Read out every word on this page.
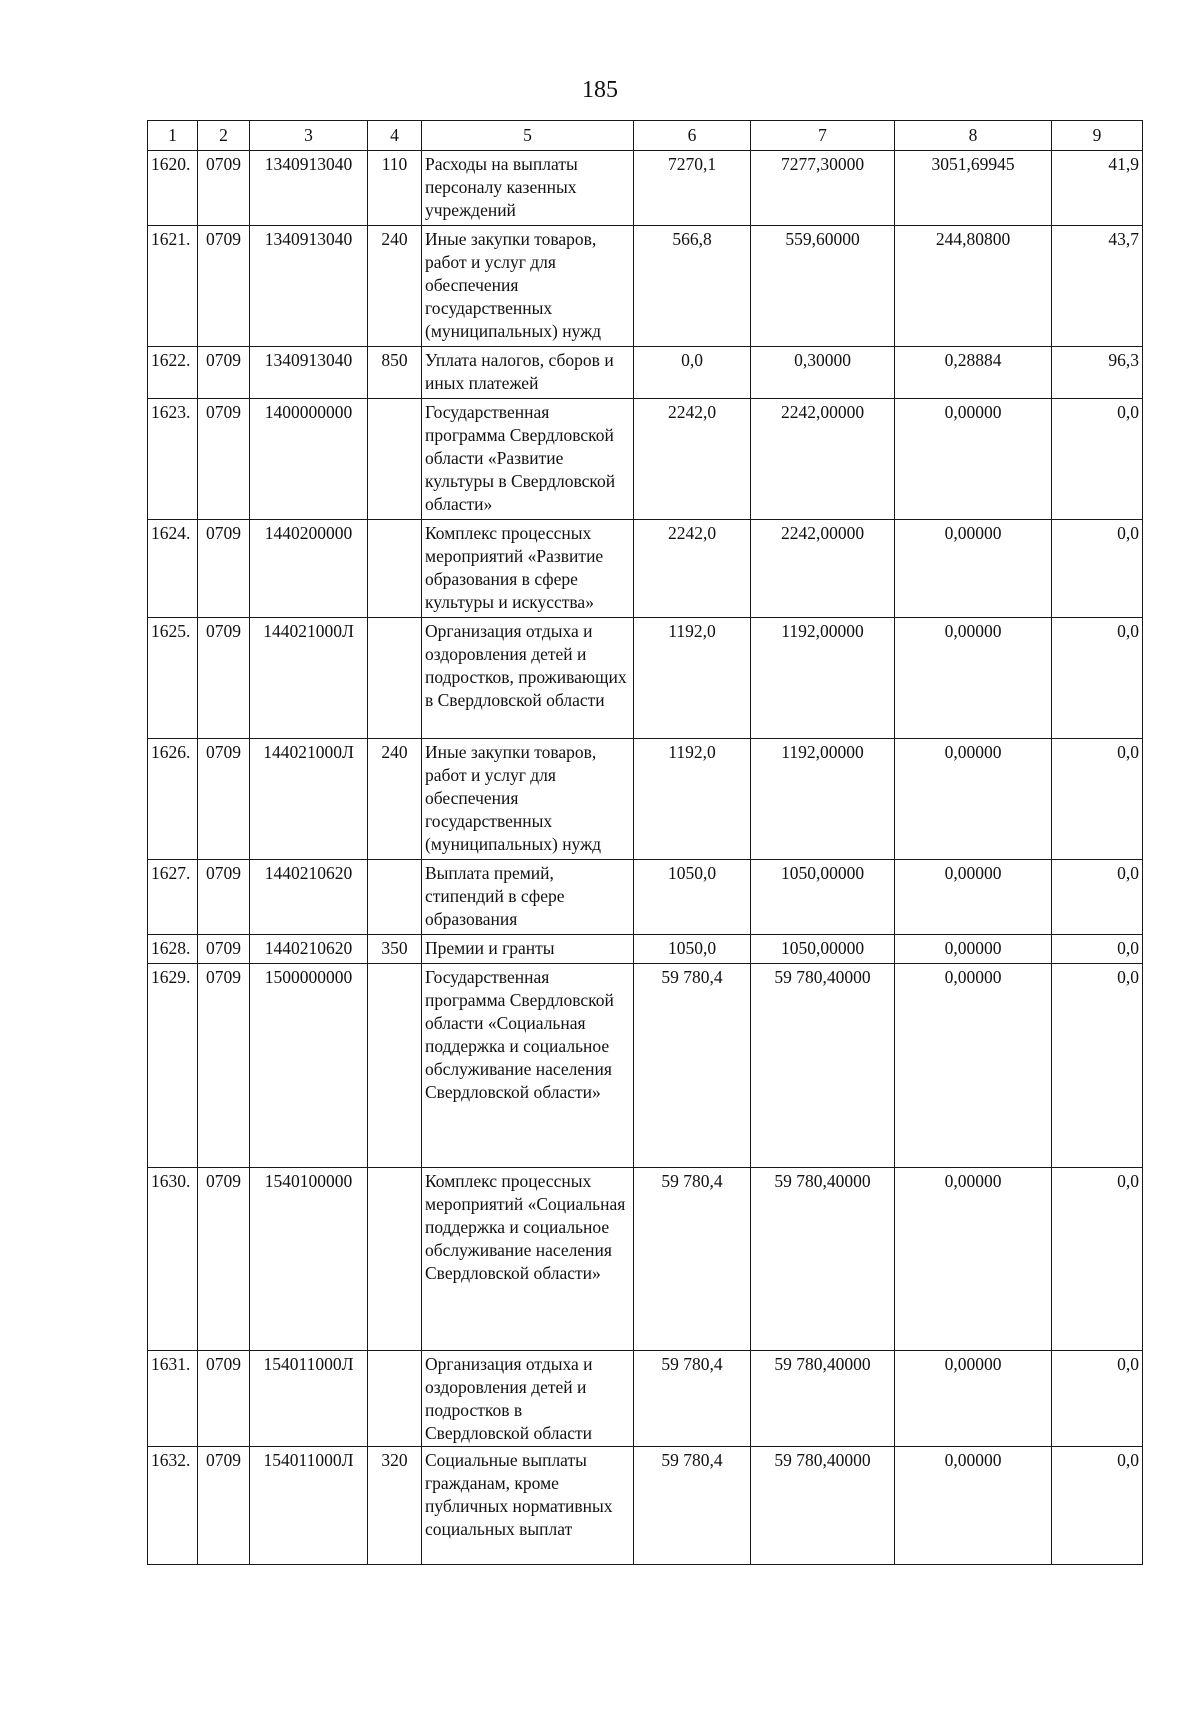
185
1	2	3	4	5	6	7	8	9
1620.	0709	1340913040	110	Расходы на выплаты персоналу казенных учреждений	7270,1	7277,30000	3051,69945	41,9
1621.	0709	1340913040	240	Иные закупки товаров, работ и услуг для обеспечения государственных (муниципальных) нужд	566,8	559,60000	244,80800	43,7
1622.	0709	1340913040	850	Уплата налогов, сборов и иных платежей	0,0	0,30000	0,28884	96,3
1623.	0709	1400000000		Государственная программа Свердловской области «Развитие культуры в Свердловской области»	2242,0	2242,00000	0,00000	0,0
1624.	0709	1440200000		Комплекс процессных мероприятий «Развитие образования в сфере культуры и искусства»	2242,0	2242,00000	0,00000	0,0
1625.	0709	144021000Л		Организация отдыха и оздоровления детей и подростков, проживающих в Свердловской области	1192,0	1192,00000	0,00000	0,0
1626.	0709	144021000Л	240	Иные закупки товаров, работ и услуг для обеспечения государственных (муниципальных) нужд	1192,0	1192,00000	0,00000	0,0
1627.	0709	1440210620		Выплата премий, стипендий в сфере образования	1050,0	1050,00000	0,00000	0,0
1628.	0709	1440210620	350	Премии и гранты	1050,0	1050,00000	0,00000	0,0
1629.	0709	1500000000		Государственная программа Свердловской области «Социальная поддержка и социальное обслуживание населения Свердловской области»	59 780,4	59 780,40000	0,00000	0,0
1630.	0709	1540100000		Комплекс процессных мероприятий «Социальная поддержка и социальное обслуживание населения Свердловской области»	59 780,4	59 780,40000	0,00000	0,0
1631.	0709	154011000Л		Организация отдыха и оздоровления детей и подростков в Свердловской области	59 780,4	59 780,40000	0,00000	0,0
1632.	0709	154011000Л	320	Социальные выплаты гражданам, кроме публичных нормативных социальных выплат	59 780,4	59 780,40000	0,00000	0,0
